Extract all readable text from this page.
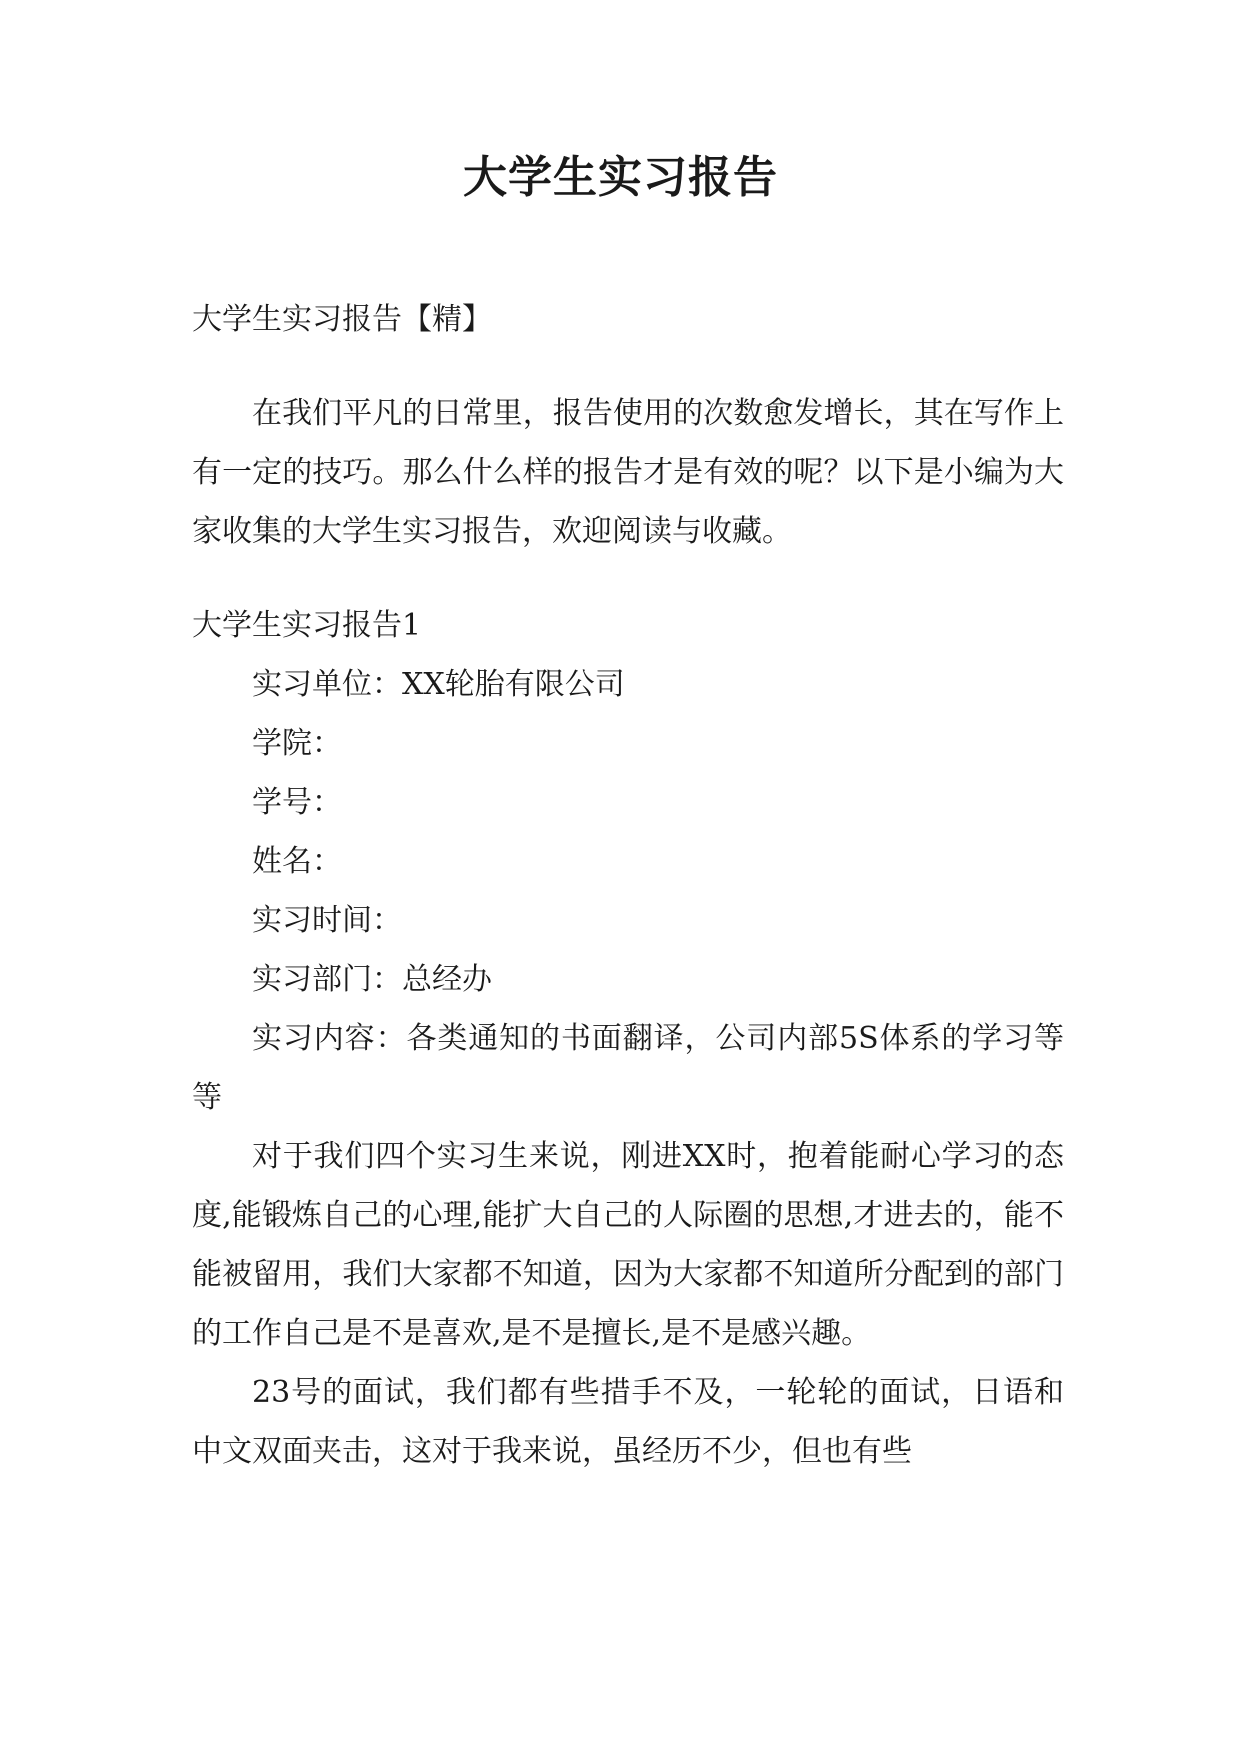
大学生实习报告

大学生实习报告【精】

在我们平凡的日常里，报告使用的次数愈发增长，其在写作上有一定的技巧。那么什么样的报告才是有效的呢？以下是小编为大家收集的大学生实习报告，欢迎阅读与收藏。

大学生实习报告1

实习单位：XX轮胎有限公司

学院：

学号：

姓名：

实习时间：

实习部门：总经办

实习内容：各类通知的书面翻译，公司内部5S体系的学习等等

对于我们四个实习生来说，刚进XX时，抱着能耐心学习的态度,能锻炼自己的心理,能扩大自己的人际圈的思想,才进去的，能不能被留用，我们大家都不知道，因为大家都不知道所分配到的部门的工作自己是不是喜欢,是不是擅长,是不是感兴趣。

23号的面试，我们都有些措手不及，一轮轮的面试，日语和中文双面夹击，这对于我来说，虽经历不少，但也有些
